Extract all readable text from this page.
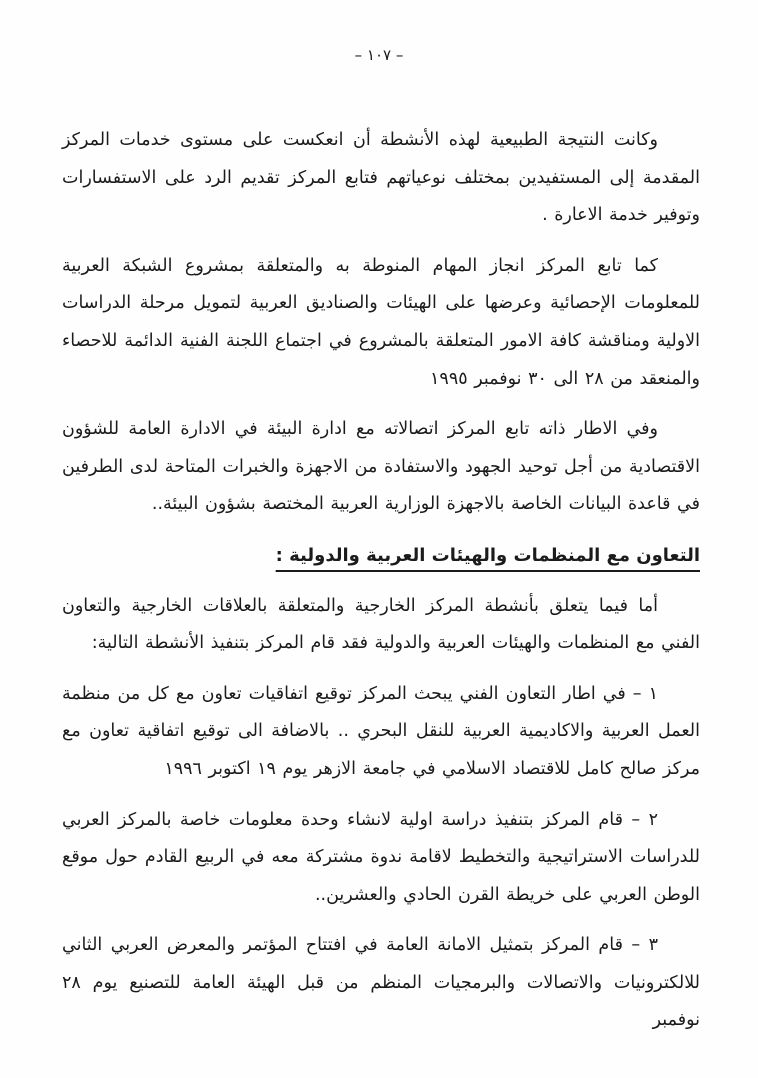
– ١٠٧ –

وكانت النتيجة الطبيعية لهذه الأنشطة أن انعكست على مستوى خدمات المركز المقدمة إلى المستفيدين بمختلف نوعياتهم فتابع المركز تقديم الرد على الاستفسارات وتوفير خدمة الاعارة .

كما تابع المركز انجاز المهام المنوطة به والمتعلقة بمشروع الشبكة العربية للمعلومات الإحصائية وعرضها على الهيئات والصناديق العربية لتمويل مرحلة الدراسات الاولية ومناقشة كافة الامور المتعلقة بالمشروع في اجتماع اللجنة الفنية الدائمة للاحصاء والمنعقد من ٢٨ الى ٣٠ نوفمبر ١٩٩٥

وفي الاطار ذاته تابع المركز اتصالاته مع ادارة البيئة في الادارة العامة للشؤون الاقتصادية من أجل توحيد الجهود والاستفادة من الاجهزة والخبرات المتاحة لدى الطرفين في قاعدة البيانات الخاصة بالاجهزة الوزارية العربية المختصة بشؤون البيئة..

التعاون مع المنظمات والهيئات العربية والدولية :

أما فيما يتعلق بأنشطة المركز الخارجية والمتعلقة بالعلاقات الخارجية والتعاون الفني مع المنظمات والهيئات العربية والدولية فقد قام المركز بتنفيذ الأنشطة التالية:

١ – في اطار التعاون الفني يبحث المركز توقيع اتفاقيات تعاون مع كل من منظمة العمل العربية والاكاديمية العربية للنقل البحري .. بالاضافة الى توقيع اتفاقية تعاون مع مركز صالح كامل للاقتصاد الاسلامي في جامعة الازهر يوم ١٩ اكتوبر ١٩٩٦

٢ – قام المركز بتنفيذ دراسة اولية لانشاء وحدة معلومات خاصة بالمركز العربي للدراسات الاستراتيجية والتخطيط لاقامة ندوة مشتركة معه في الربيع القادم حول موقع الوطن العربي على خريطة القرن الحادي والعشرين..

٣ – قام المركز بتمثيل الامانة العامة في افتتاح المؤتمر والمعرض العربي الثاني للالكترونيات والاتصالات والبرمجيات المنظم من قبل الهيئة العامة للتصنيع يوم ٢٨ نوفمبر
